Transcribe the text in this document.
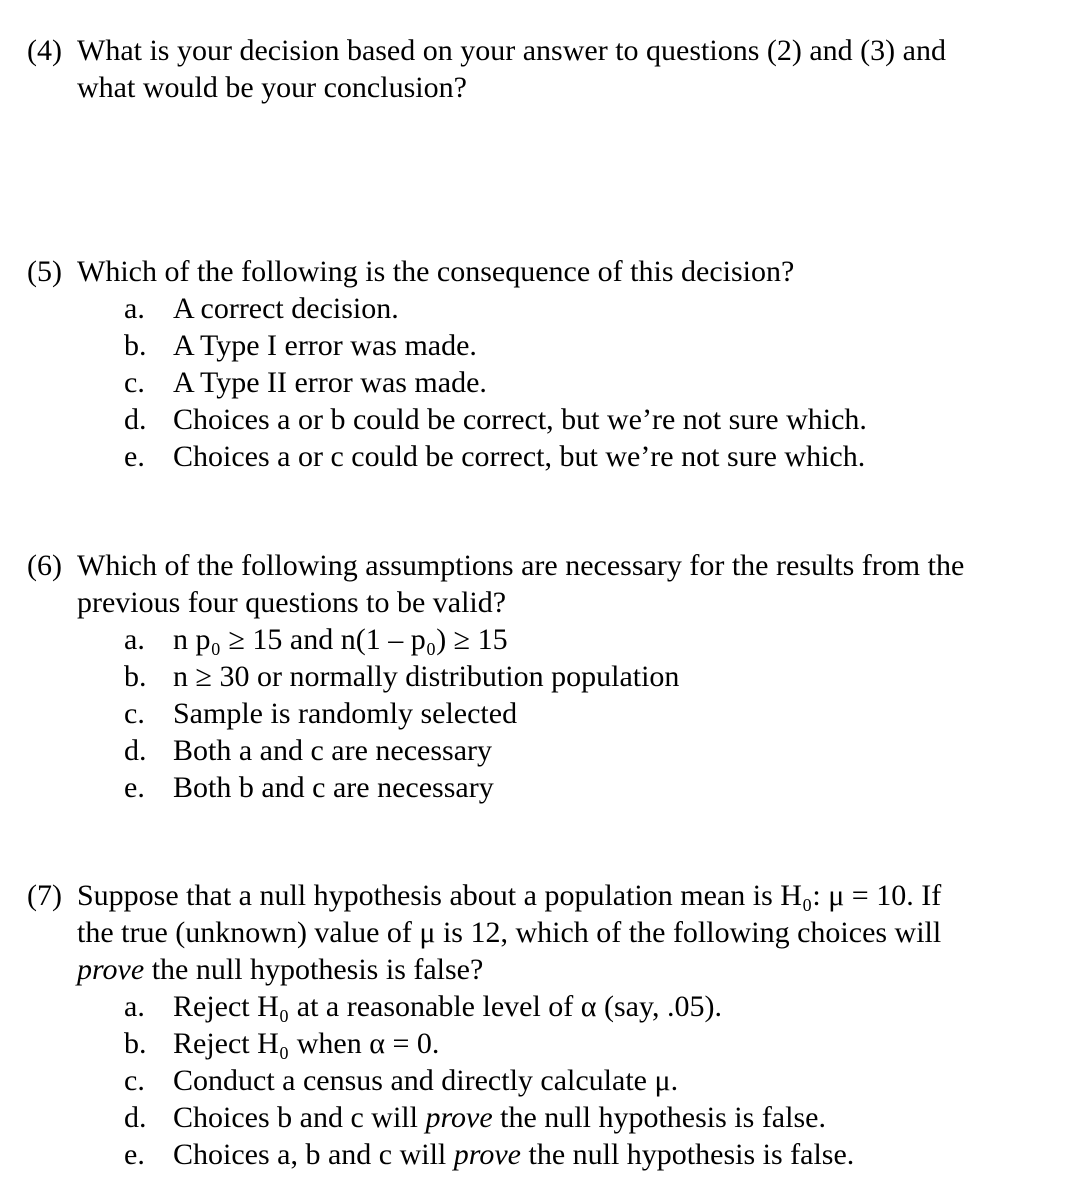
(4) What is your decision based on your answer to questions (2) and (3) and
what would be your conclusion?
(5) Which of the following is the consequence of this decision?
a. A correct decision.
b. A Type I error was made.
c. A Type II error was made.
d. Choices a or b could be correct, but we’re not sure which.
e. Choices a or c could be correct, but we’re not sure which.
(6) Which of the following assumptions are necessary for the results from the
previous four questions to be valid?
a. n p₀ ≥ 15 and n(1 – p₀) ≥ 15
b. n ≥ 30 or normally distribution population
c. Sample is randomly selected
d. Both a and c are necessary
e. Both b and c are necessary
(7) Suppose that a null hypothesis about a population mean is H₀: μ = 10. If
the true (unknown) value of μ is 12, which of the following choices will
prove the null hypothesis is false?
a. Reject H₀ at a reasonable level of α (say, .05).
b. Reject H₀ when α = 0.
c. Conduct a census and directly calculate μ.
d. Choices b and c will prove the null hypothesis is false.
e. Choices a, b and c will prove the null hypothesis is false.
